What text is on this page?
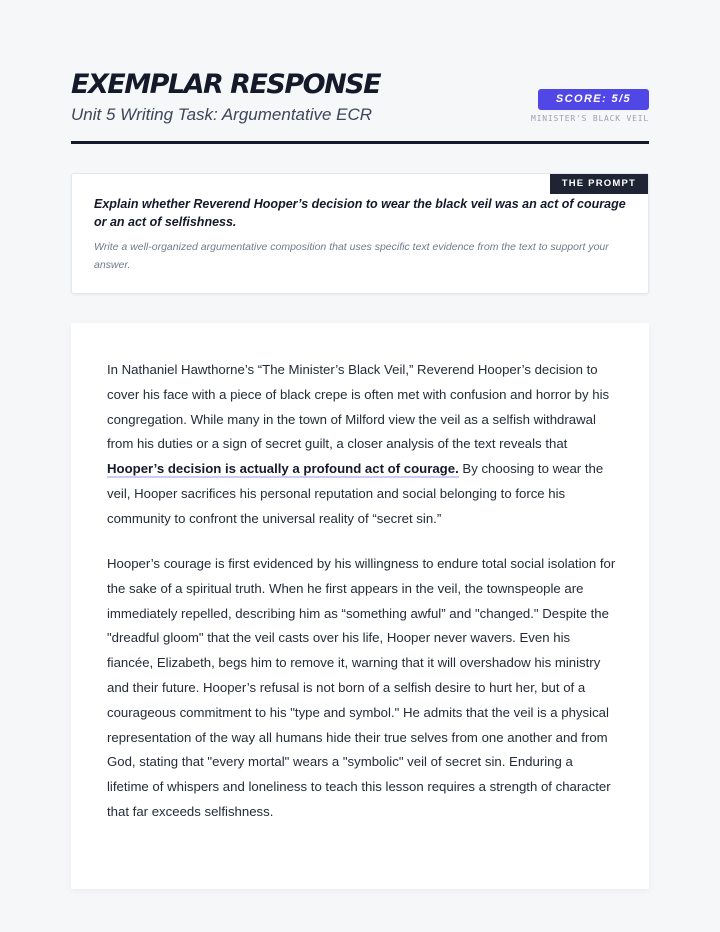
EXEMPLAR RESPONSE
Unit 5 Writing Task: Argumentative ECR
SCORE: 5/5
MINISTER'S BLACK VEIL
THE PROMPT
Explain whether Reverend Hooper’s decision to wear the black veil was an act of courage or an act of selfishness.
Write a well-organized argumentative composition that uses specific text evidence from the text to support your answer.

In Nathaniel Hawthorne’s “The Minister’s Black Veil,” Reverend Hooper’s decision to cover his face with a piece of black crepe is often met with confusion and horror by his congregation. While many in the town of Milford view the veil as a selfish withdrawal from his duties or a sign of secret guilt, a closer analysis of the text reveals that Hooper’s decision is actually a profound act of courage. By choosing to wear the veil, Hooper sacrifices his personal reputation and social belonging to force his community to confront the universal reality of “secret sin.”

Hooper’s courage is first evidenced by his willingness to endure total social isolation for the sake of a spiritual truth. When he first appears in the veil, the townspeople are immediately repelled, describing him as “something awful” and "changed." Despite the "dreadful gloom" that the veil casts over his life, Hooper never wavers. Even his fiancée, Elizabeth, begs him to remove it, warning that it will overshadow his ministry and their future. Hooper’s refusal is not born of a selfish desire to hurt her, but of a courageous commitment to his "type and symbol." He admits that the veil is a physical representation of the way all humans hide their true selves from one another and from God, stating that "every mortal" wears a "symbolic" veil of secret sin. Enduring a lifetime of whispers and loneliness to teach this lesson requires a strength of character that far exceeds selfishness.
